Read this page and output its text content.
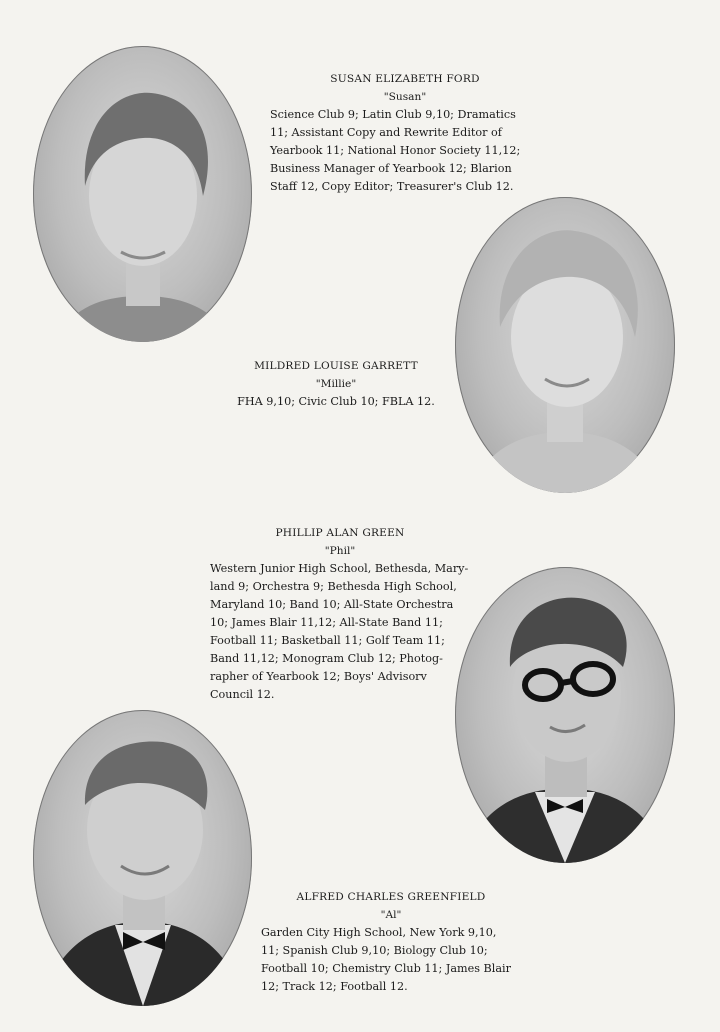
SUSAN ELIZABETH FORD
"Susan"
Science Club 9; Latin Club 9,10; Dramatics
11; Assistant Copy and Rewrite Editor of
Yearbook 11; National Honor Society 11,12;
Business Manager of Yearbook 12; Blarion
Staff 12, Copy Editor; Treasurer's Club 12.
MILDRED LOUISE GARRETT
"Millie"
FHA 9,10; Civic Club 10; FBLA 12.
PHILLIP ALAN GREEN
"Phil"
Western Junior High School, Bethesda, Mary-
land 9; Orchestra 9; Bethesda High School,
Maryland 10; Band 10; All-State Orchestra
10; James Blair 11,12; All-State Band 11;
Football 11; Basketball 11; Golf Team 11;
Band 11,12; Monogram Club 12; Photog-
rapher of Yearbook 12; Boys' Advisorv
Council 12.
ALFRED CHARLES GREENFIELD
"Al"
Garden City High School, New York 9,10,
11; Spanish Club 9,10; Biology Club 10;
Football 10; Chemistry Club 11; James Blair
12; Track 12; Football 12.
